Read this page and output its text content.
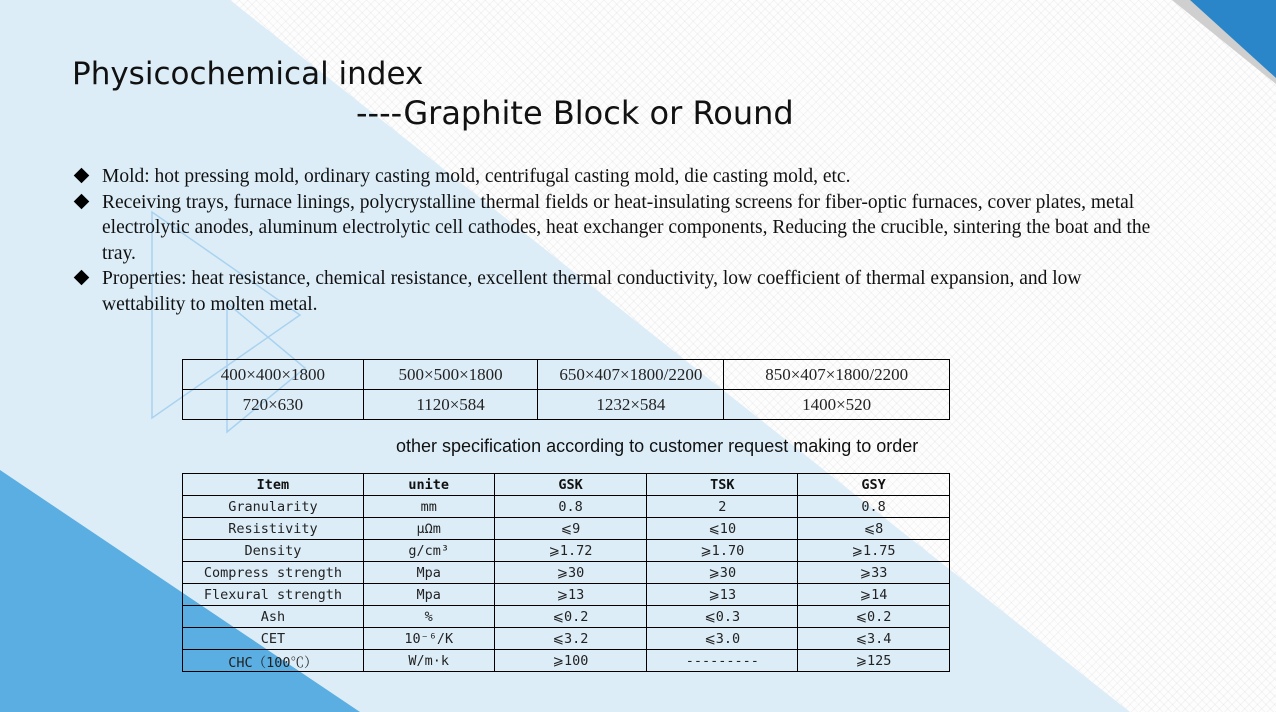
Physicochemical index
----Graphite Block or Round
Mold: hot pressing mold, ordinary casting mold, centrifugal casting mold, die casting mold, etc.
Receiving trays, furnace linings, polycrystalline thermal fields or heat-insulating screens for fiber-optic furnaces, cover plates, metal electrolytic anodes, aluminum electrolytic cell cathodes, heat exchanger components, Reducing the crucible, sintering the boat and the tray.
Properties: heat resistance, chemical resistance, excellent thermal conductivity, low coefficient of thermal expansion, and low wettability to molten metal.
400×400×1800	500×500×1800	650×407×1800/2200	850×407×1800/2200
720×630	1120×584	1232×584	1400×520
other specification according to customer request making to order
Item	unite	GSK	TSK	GSY
Granularity	mm	0.8	2	0.8
Resistivity	μΩm	⩽9	⩽10	⩽8
Density	g/cm³	⩾1.72	⩾1.70	⩾1.75
Compress strength	Mpa	⩾30	⩾30	⩾33
Flexural strength	Mpa	⩾13	⩾13	⩾14
Ash	%	⩽0.2	⩽0.3	⩽0.2
CET	10⁻⁶/K	⩽3.2	⩽3.0	⩽3.4
CHC（100℃）	W/m·k	⩾100	---------	⩾125
